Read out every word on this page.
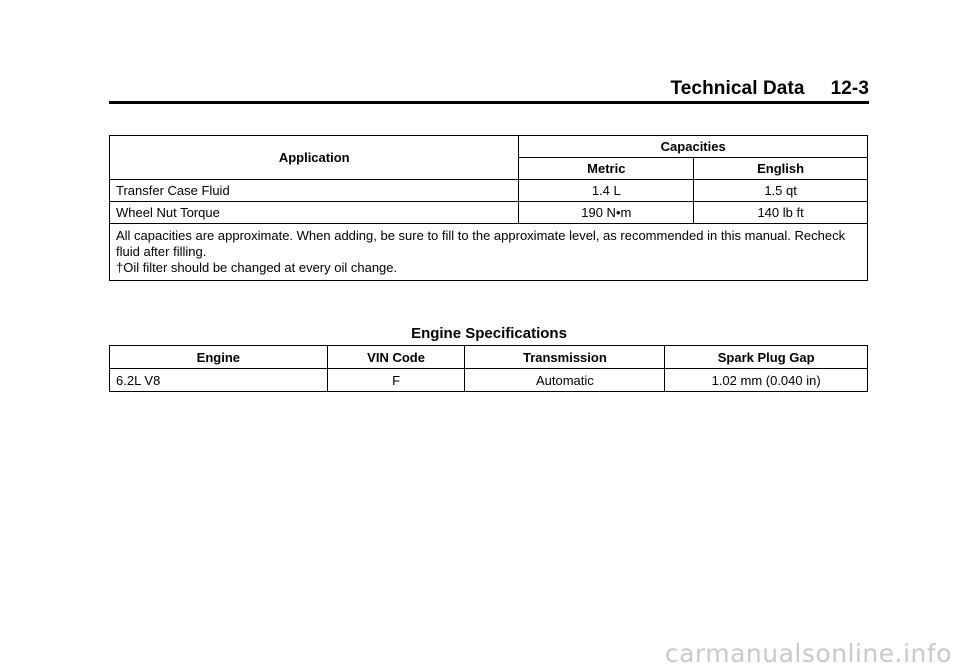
Technical Data 12-3
Application	Capacities	
	Metric	English
Transfer Case Fluid	1.4 L	1.5 qt
Wheel Nut Torque	190 N•m	140 lb ft

All capacities are approximate. When adding, be sure to fill to the approximate level, as recommended in this manual. Recheck fluid after filling.
†Oil filter should be changed at every oil change.		
Engine Specifications
Engine	VIN Code	Transmission	Spark Plug Gap
6.2L V8	F	Automatic	1.02 mm (0.040 in)
carmanualsonline.info
